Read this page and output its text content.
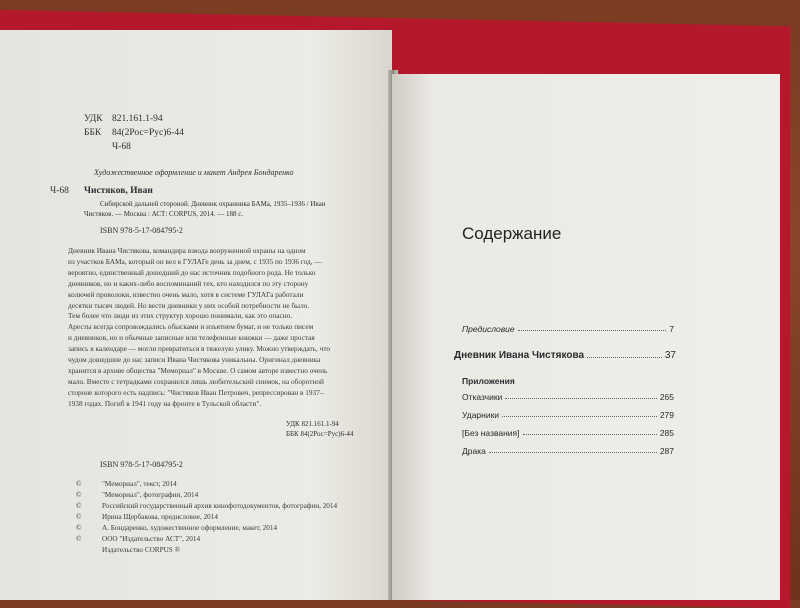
УДК 821.161.1-94
ББК 84(2Рос=Рус)6-44
Ч-68
Художественное оформление и макет Андрея Бондаренко
Ч-68 Чистяков, Иван
Сибирской дальней стороной. Дневник охранника БАМа, 1935–1936 / Иван
Чистяков. — Москва : АСТ: CORPUS, 2014. — 188 с.
ISBN 978-5-17-084795-2
Дневник Ивана Чистякова, командира взвода вооруженной охраны на одном
из участков БАМа, который он вел в ГУЛАГе день за днем, с 1935 по 1936 год, —
вероятно, единственный дошедший до нас источник подобного рода. Не только
дневников, но и каких-либо воспоминаний тех, кто находился по эту сторону
колючей проволоки, известно очень мало, хотя в системе ГУЛАГа работали
десятки тысяч людей. Но вести дневники у них особой потребности не было.
Тем более что люди из этих структур хорошо понимали, как это опасно.
Аресты всегда сопровождались обысками и изъятием бумаг, и не только писем
и дневников, но и обычные записные или телефонные книжки — даже простая
запись в календаре — могли превратиться в тяжелую улику. Можно утверждать, что
чудом дошедшие до нас записи Ивана Чистякова уникальны. Оригинал дневника
хранится в архиве общества "Мемориал" в Москве. О самом авторе известно очень
мало. Вместе с тетрадками сохранился лишь любительский снимок, на оборотной
стороне которого есть надпись: "Чистяков Иван Петрович, репрессирован в 1937–
1938 годах. Погиб в 1941 году на фронте в Тульской области".
УДК 821.161.1-94
ББК 84(2Рос=Рус)6-44
ISBN 978-5-17-084795-2
©	"Мемориал", текст, 2014
©	"Мемориал", фотографии, 2014
©	Российский государственный архив кинофотодокументов, фотографии, 2014
©	Ирина Щербакова, предисловие, 2014
©	А. Бондаренко, художественное оформление, макет, 2014
©	ООО "Издательство АСТ", 2014
Издательство CORPUS ®
Содержание
Предисловие	7
Дневник Ивана Чистякова	37
Приложения
Отказчики	265
Ударники	279
[Без названия]	285
Драка	287
